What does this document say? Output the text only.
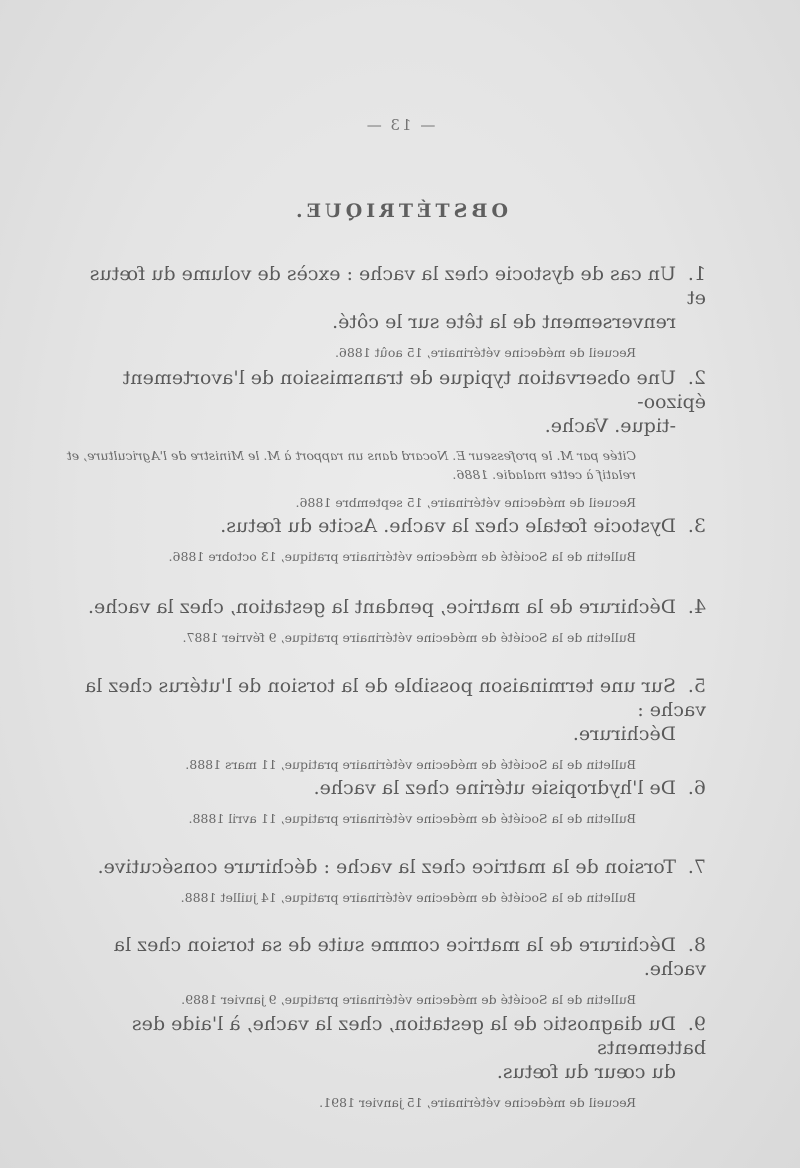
— 13 —
OBSTÉTRIQUE.
1.Un cas de dystocie chez la vache : excès de volume du fœtus et
renversement de la tête sur le côté.
Recueil de médecine vétérinaire, 15 août 1886.
2.Une observation typique de transmission de l'avortement épizoo-
-tique. Vache.
Citée par M. le professeur E. Nocard dans un rapport à M. le Ministre de l'Agriculture, et relatif à cette maladie. 1886.
Recueil de médecine vétérinaire, 15 septembre 1886.
3.Dystocie fœtale chez la vache. Ascite du fœtus.
Bulletin de la Société de médecine vétérinaire pratique, 13 octobre 1886.
4.Déchirure de la matrice, pendant la gestation, chez la vache.
Bulletin de la Société de médecine vétérinaire pratique, 9 février 1887.
5.Sur une terminaison possible de la torsion de l'utérus chez la vache :
Déchirure.
Bulletin de la Société de médecine vétérinaire pratique, 11 mars 1888.
6.De l'hydropisie utérine chez la vache.
Bulletin de la Société de médecine vétérinaire pratique, 11 avril 1888.
7.Torsion de la matrice chez la vache : déchirure consécutive.
Bulletin de la Société de médecine vétérinaire pratique, 14 juillet 1888.
8.Déchirure de la matrice comme suite de sa torsion chez la vache.
Bulletin de la Société de médecine vétérinaire pratique, 9 janvier 1889.
9.Du diagnostic de la gestation, chez la vache, à l'aide des battements
du cœur du fœtus.
Recueil de médecine vétérinaire, 15 janvier 1891.
